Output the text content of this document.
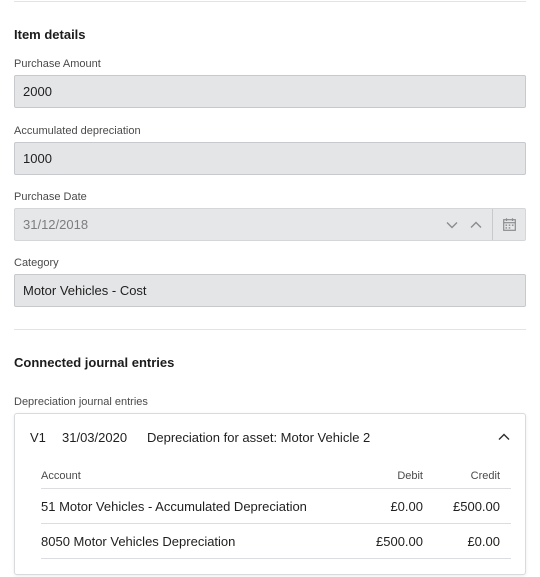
Item details
Purchase Amount
2000
Accumulated depreciation
1000
Purchase Date
31/12/2018
Category
Motor Vehicles - Cost
Connected journal entries
Depreciation journal entries
V1 31/03/2020 Depreciation for asset: Motor Vehicle 2
Account	Debit	Credit
51 Motor Vehicles - Accumulated Depreciation	£0.00 £500.00
8050 Motor Vehicles Depreciation	£500.00	£0.00
